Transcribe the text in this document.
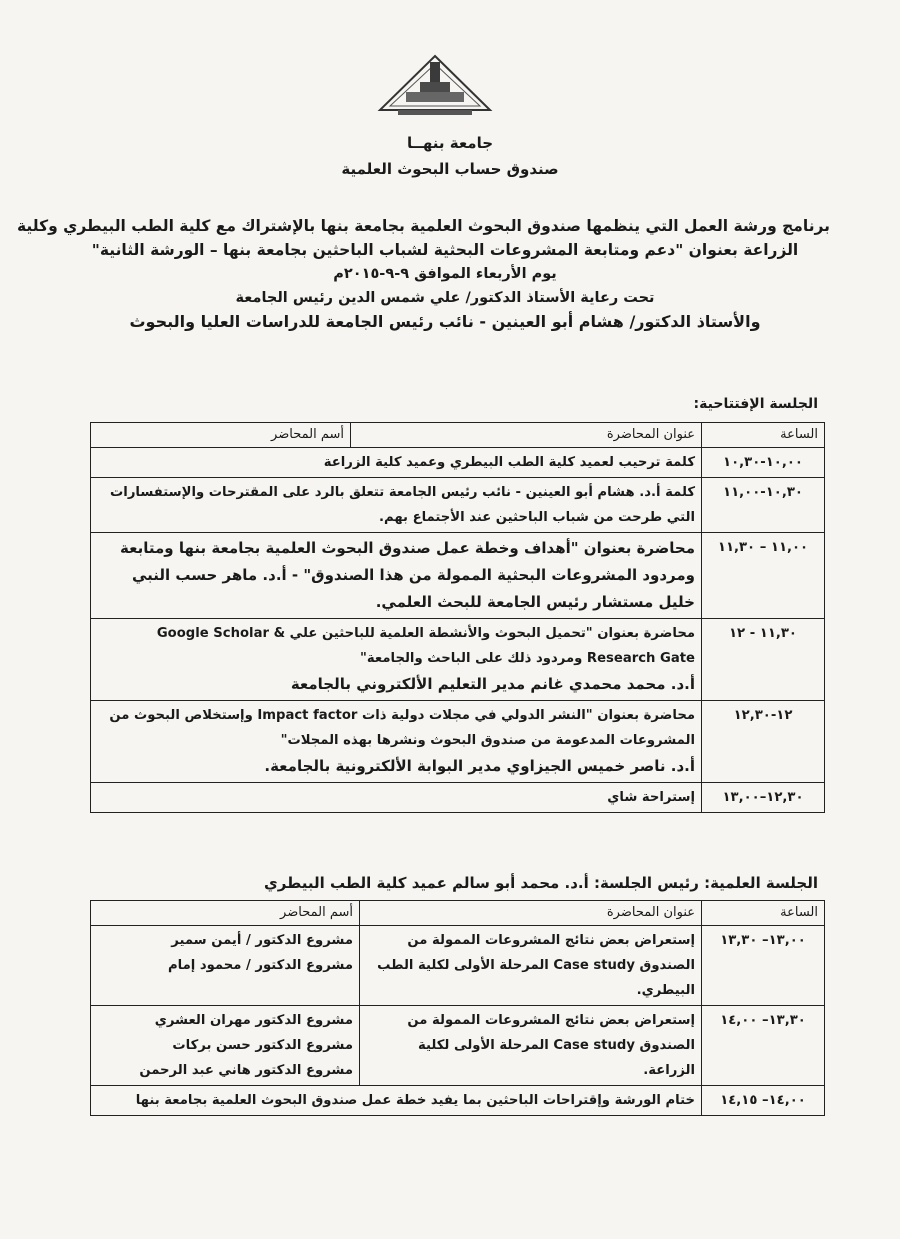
جامعة بنهــا
صندوق حساب البحوث العلمية
برنامج ورشة العمل التي ينظمها صندوق البحوث العلمية بجامعة بنها بالإشتراك مع كلية الطب البيطري وكلية
الزراعة بعنوان "دعم ومتابعة المشروعات البحثية لشباب الباحثين بجامعة بنها – الورشة الثانية"
يوم الأربعاء الموافق ٩-٩-٢٠١٥م
تحت رعاية الأستاذ الدكتور/ علي شمس الدين رئيس الجامعة
والأستاذ الدكتور/ هشام أبو العينين - نائب رئيس الجامعة للدراسات العليا والبحوث
الجلسة الإفتتاحية:
الساعة	عنوان المحاضرة	أسم المحاضر
١٠,٠٠-١٠,٣٠	كلمة ترحيب لعميد كلية الطب البيطري وعميد كلية الزراعة	
١٠,٣٠-١١,٠٠	كلمة أ.د. هشام أبو العينين - نائب رئيس الجامعة تتعلق بالرد على المقترحات والإستفسارات التي طرحت من شباب الباحثين عند الأجتماع بهم.	
١١,٠٠ – ١١,٣٠	محاضرة بعنوان "أهداف وخطة عمل صندوق البحوث العلمية بجامعة بنها ومتابعة ومردود المشروعات البحثية الممولة من هذا الصندوق" - أ.د. ماهر حسب النبي خليل مستشار رئيس الجامعة للبحث العلمي.	
١١,٣٠ - ١٢	محاضرة بعنوان "تحميل البحوث والأنشطة العلمية للباحثين علي Google Scholar & Research Gate ومردود ذلك على الباحث والجامعة"
أ.د. محمد محمدي غانم مدير التعليم الألكتروني بالجامعة	

١٢-١٢,٣٠	محاضرة بعنوان "النشر الدولي في مجلات دولية ذات Impact factor وإستخلاص البحوث من المشروعات المدعومة من صندوق البحوث ونشرها بهذه المجلات"
أ.د. ناصر خميس الجيزاوي مدير البوابة الألكترونية بالجامعة.	

١٢,٣٠–١٣,٠٠	إستراحة شاي	
الجلسة العلمية: رئيس الجلسة: أ.د. محمد أبو سالم عميد كلية الطب البيطري
الساعة	عنوان المحاضرة	أسم المحاضر
١٣,٠٠– ١٣,٣٠	إستعراض بعض نتائج المشروعات الممولة من الصندوق Case study المرحلة الأولى لكلية الطب البيطري.	مشروع الدكتور / أيمن سمير
مشروع الدكتور / محمود إمام

١٣,٣٠– ١٤,٠٠	إستعراض بعض نتائج المشروعات الممولة من الصندوق Case study المرحلة الأولى لكلية الزراعة.	مشروع الدكتور مهران العشري
مشروع الدكتور حسن بركات
مشروع الدكتور هاني عبد الرحمن

١٤,٠٠– ١٤,١٥	ختام الورشة وإقتراحات الباحثين بما يفيد خطة عمل صندوق البحوث العلمية بجامعة بنها	
